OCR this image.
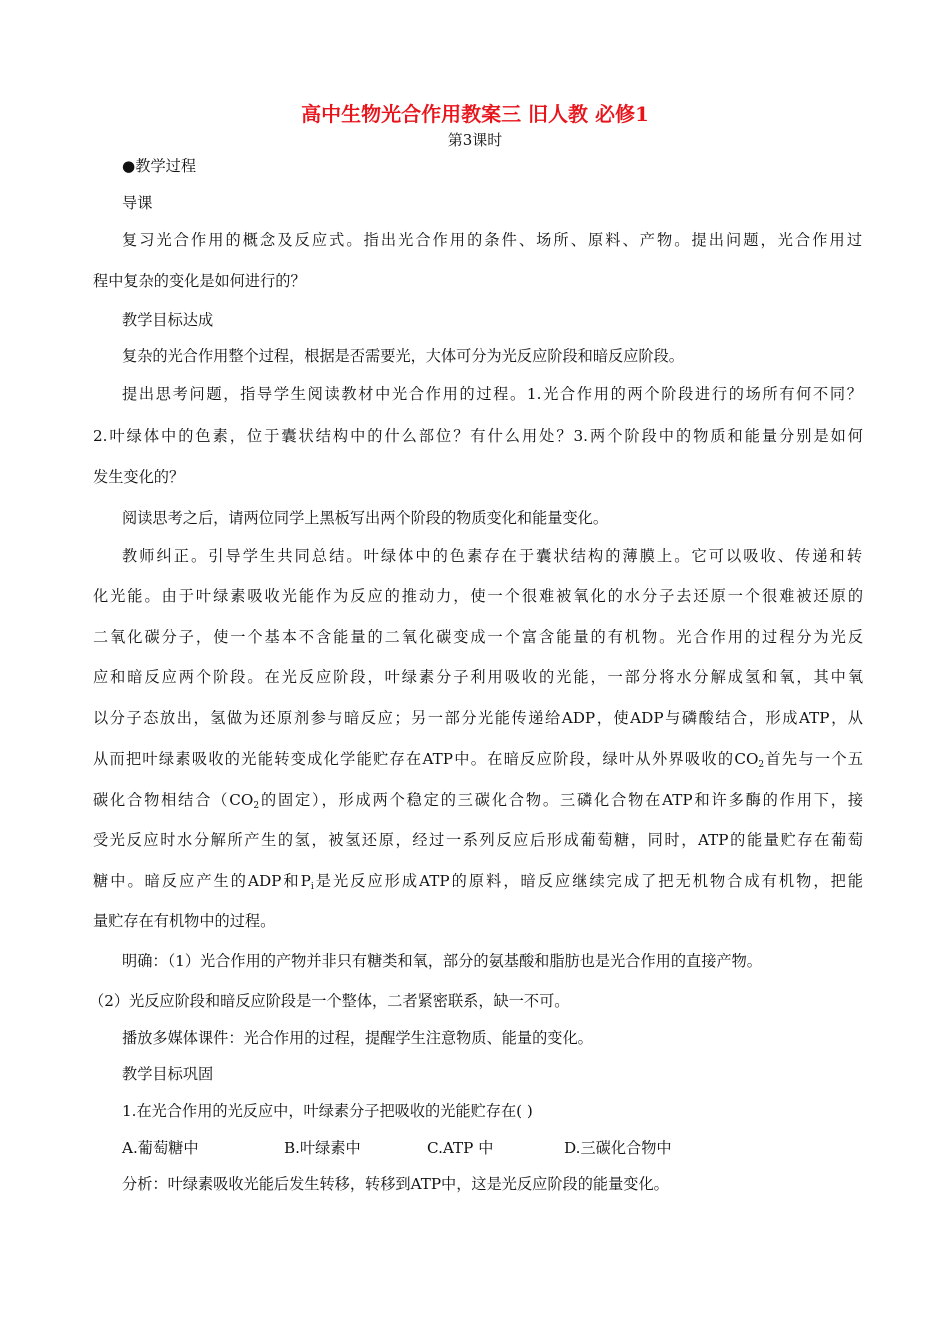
高中生物光合作用教案三 旧人教 必修1
第3课时
●教学过程
导课
复习光合作用的概念及反应式。指出光合作用的条件、场所、原料、产物。提出问题，光合作用过
程中复杂的变化是如何进行的？
教学目标达成
复杂的光合作用整个过程，根据是否需要光，大体可分为光反应阶段和暗反应阶段。
提出思考问题，指导学生阅读教材中光合作用的过程。1.光合作用的两个阶段进行的场所有何不同？
2.叶绿体中的色素，位于囊状结构中的什么部位？有什么用处？3.两个阶段中的物质和能量分别是如何
发生变化的？
阅读思考之后，请两位同学上黑板写出两个阶段的物质变化和能量变化。
教师纠正。引导学生共同总结。叶绿体中的色素存在于囊状结构的薄膜上。它可以吸收、传递和转
化光能。由于叶绿素吸收光能作为反应的推动力，使一个很难被氧化的水分子去还原一个很难被还原的
二氧化碳分子，使一个基本不含能量的二氧化碳变成一个富含能量的有机物。光合作用的过程分为光反
应和暗反应两个阶段。在光反应阶段，叶绿素分子利用吸收的光能，一部分将水分解成氢和氧，其中氧
以分子态放出，氢做为还原剂参与暗反应；另一部分光能传递给ADP，使ADP与磷酸结合，形成ATP，从
从而把叶绿素吸收的光能转变成化学能贮存在ATP中。在暗反应阶段，绿叶从外界吸收的$CO_2$首先与一个五
碳化合物相结合（$CO_2$的固定），形成两个稳定的三碳化合物。三磷化合物在ATP和许多酶的作用下，接
受光反应时水分解所产生的氢，被氢还原，经过一系列反应后形成葡萄糖，同时，ATP的能量贮存在葡萄
糖中。暗反应产生的ADP和$P_i$是光反应形成ATP的原料，暗反应继续完成了把无机物合成有机物，把能
量贮存在有机物中的过程。
明确：（1）光合作用的产物并非只有糖类和氧，部分的氨基酸和脂肪也是光合作用的直接产物。
（2）光反应阶段和暗反应阶段是一个整体，二者紧密联系，缺一不可。
播放多媒体课件：光合作用的过程，提醒学生注意物质、能量的变化。
教学目标巩固
1.在光合作用的光反应中，叶绿素分子把吸收的光能贮存在( )
A.葡萄糖中	B.叶绿素中	C.ATP 中	D.三碳化合物中
分析：叶绿素吸收光能后发生转移，转移到ATP中，这是光反应阶段的能量变化。
